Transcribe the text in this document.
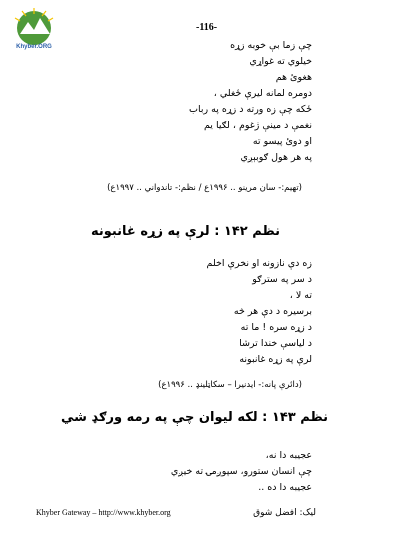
Khyber.ORG
-116-
چې زما بې خوبه زړه
خیلوي ته غواړي
هغوئ هم
دومره لمانه لیرې ځغلي ،
ځکه چې زه ورته د زړه په رباب
نغمې د مینې ژغوم ، لګیا یم
او دوئ پیسو ته
په هر هول ګوبېږي
(تهیم:- سان مرینو .. ۱۹۹۶ع / نظم:- تاندواني .. ۱۹۹۷ع)
نظم ۱۴۲ : لرې په زړه غانبونه
زه دې نازونه او نخرې اخلم
د سر په سترګو
ته لا ،
برسیره د دې هر څه
د زړه سره ! ما ته
د لیاسې خندا ترشا
لرې په زړه غانبونه
(دائرې پانه:- ایدنیرا – سکاټلینډ .. ۱۹۹۶ع)
نظم ۱۴۳ : لکه لیوان چې په رمه ورګډ شي
عجیبه دا نه،
چې انسان ستورو، سپوږمۍ ته خیږي
عجیبه دا ده ..
Khyber Gateway – http://www.khyber.org	لیک: افضل شوق
